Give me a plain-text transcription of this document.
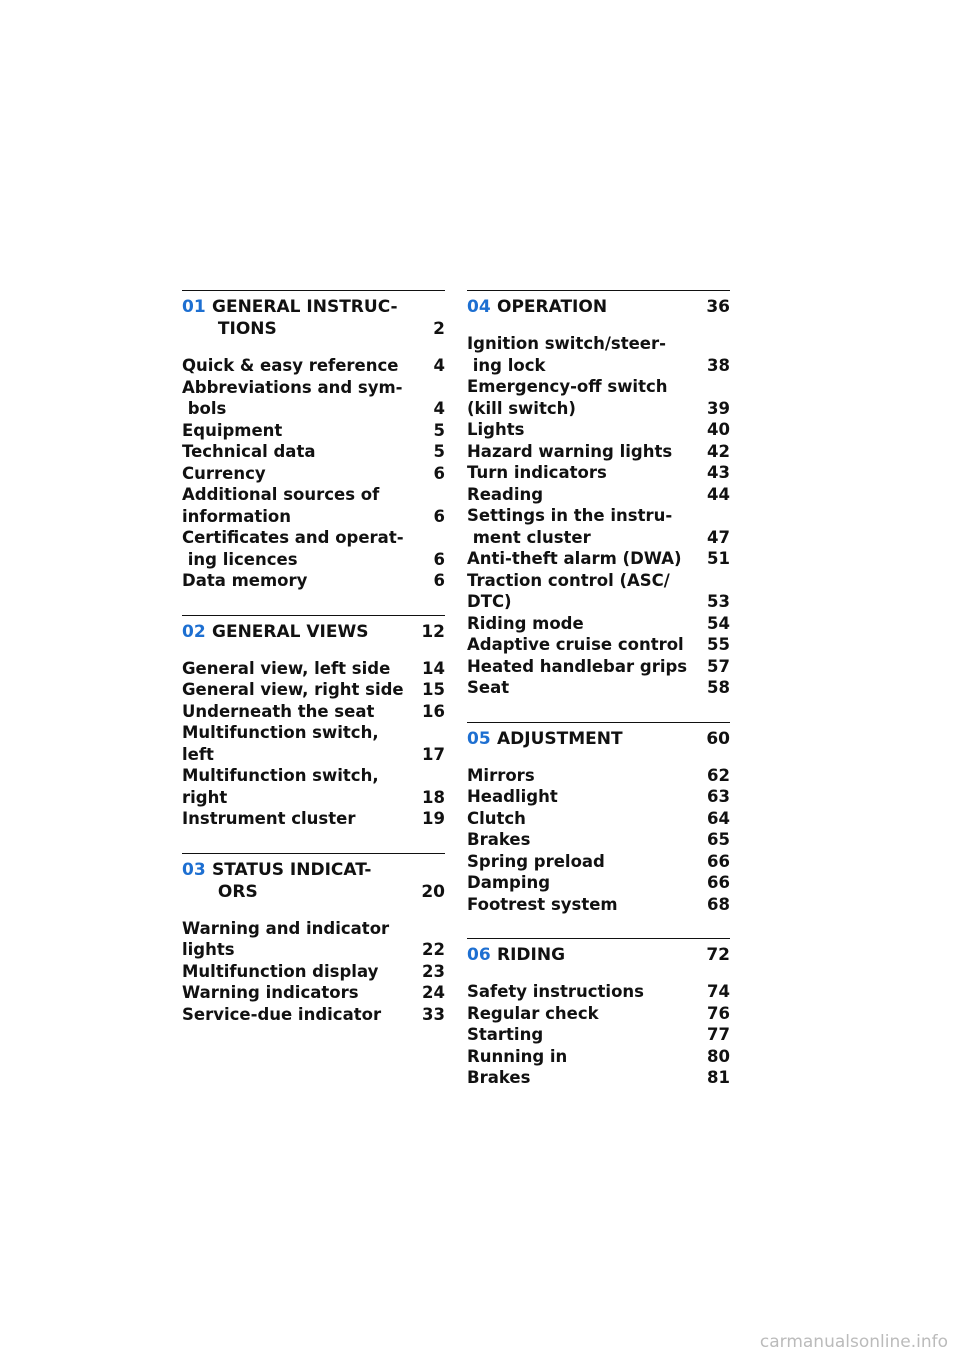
01 GENERAL INSTRUC- TIONS	2
Quick & easy reference 4
Abbreviations and sym- bols	4
Equipment	5
Technical data	5
Currency	6
Additional sources of information	6
Certificates and operat- ing licences	6
Data memory	6
02 GENERAL VIEWS	12
General view, left side 14
General view, right side 15
Underneath the seat	16
Multifunction switch, left	17
Multifunction switch, right	18
Instrument cluster	19
03 STATUS INDICAT- ORS	20
Warning and indicator lights	22
Multifunction display	23
Warning indicators	24
Service-due indicator 33
04 OPERATION	36
Ignition switch/steer- ing lock	38
Emergency-off switch (kill switch)	39
Lights	40
Hazard warning lights 42
Turn indicators	43
Reading	44
Settings in the instru- ment cluster	47
Anti-theft alarm (DWA) 51
Traction control (ASC/ DTC)	53
Riding mode	54
Adaptive cruise control 55
Heated handlebar grips 57
Seat	58
05 ADJUSTMENT	60
Mirrors	62
Headlight	63
Clutch	64
Brakes	65
Spring preload	66
Damping	66
Footrest system	68
06 RIDING	72
Safety instructions	74
Regular check	76
Starting	77
Running in	80
Brakes	81
carmanualsonline.info
